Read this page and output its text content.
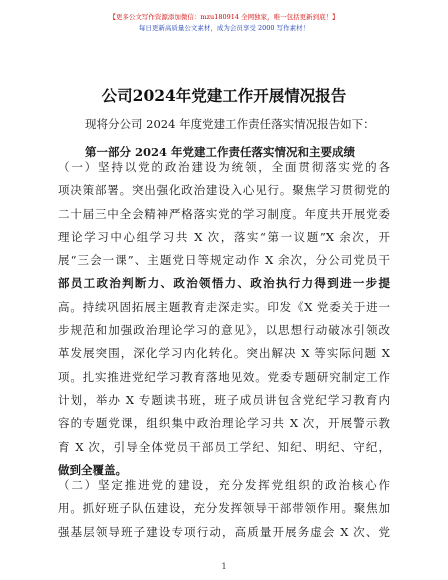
【更多公文写作资源添加微信：mzu180914 全网独家，唯一包括更新到底！】
每日更新高质量公文素材，成为会员享受 2000 写作素材！
公司2024年党建工作开展情况报告
现将分公司 2024 年度党建工作责任落实情况报告如下：
第一部分 2024 年党建工作责任落实情况和主要成绩
（一）坚持以党的政治建设为统领，全面贯彻落实党的各
项决策部署。突出强化政治建设入心见行。聚焦学习贯彻党的
二十届三中全会精神严格落实党的学习制度。年度共开展党委
理论学习中心组学习共 X 次，落实“第一议题”X 余次，开
展“三会一课”、主题党日等规定动作 X 余次，分公司党员干
部员工政治判断力、政治领悟力、政治执行力得到进一步提
高。持续巩固拓展主题教育走深走实。印发《X 党委关于进一
步规范和加强政治理论学习的意见》，以思想行动破冰引领改
革发展突围，深化学习内化转化。突出解决 X 等实际问题 X
项。扎实推进党纪学习教育落地见效。党委专题研究制定工作
计划，举办 X 专题读书班，班子成员讲包含党纪学习教育内
容的专题党课，组织集中政治理论学习共 X 次，开展警示教
育 X 次，引导全体党员干部员工学纪、知纪、明纪、守纪，
做到全覆盖。
（二）坚定推进党的建设，充分发挥党组织的政治核心作
用。抓好班子队伍建设，充分发挥领导干部带领作用。聚焦加
强基层领导班子建设专项行动，高质量开展务虚会 X 次、党
1
